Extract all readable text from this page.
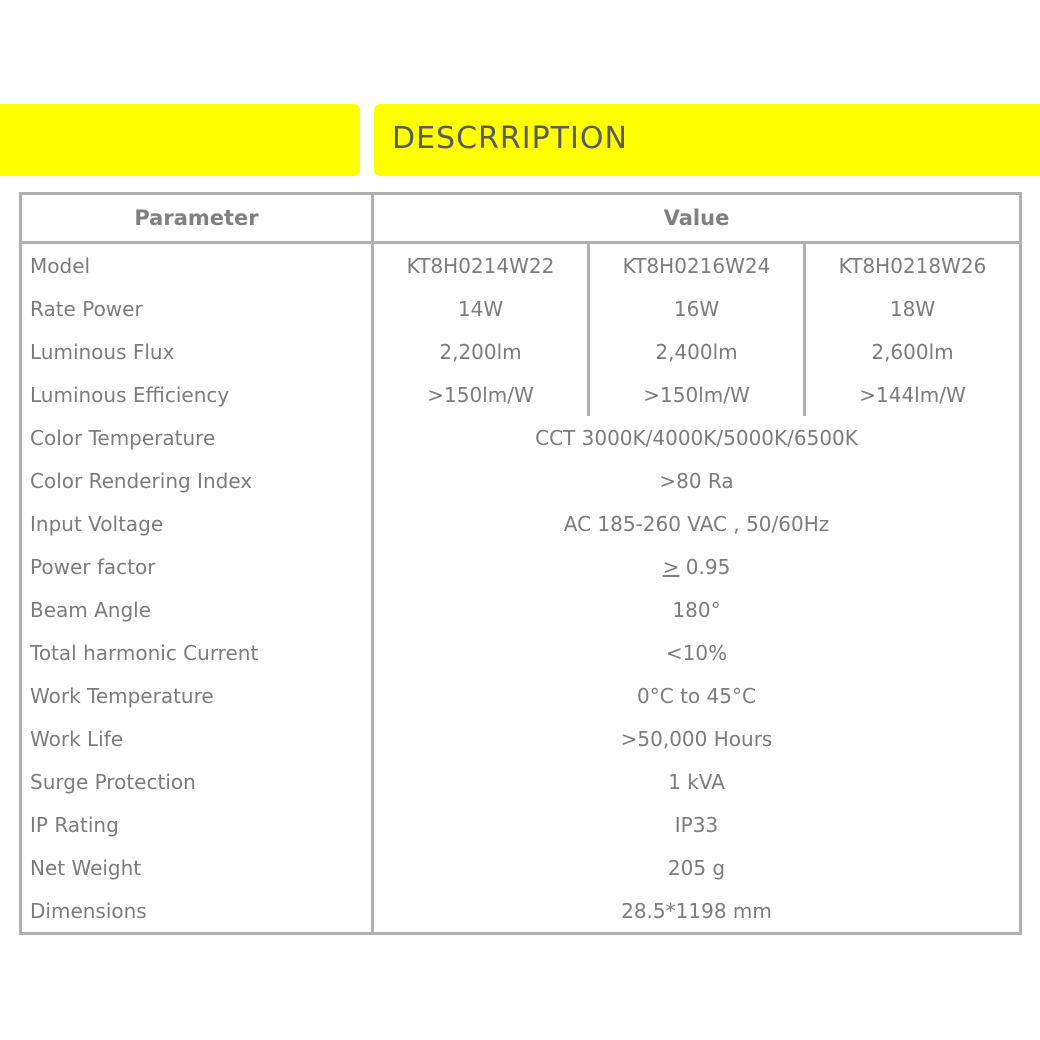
DESCRRIPTION
Parameter	Value		
Model	KT8H0214W22	KT8H0216W24	KT8H0218W26
Rate Power	14W	16W	18W
Luminous Flux	2,200lm	2,400lm	2,600lm
Luminous Efficiency	>150lm/W	>150lm/W	>144lm/W
Color Temperature	CCT 3000K/4000K/5000K/6500K		
Color Rendering Index	>80 Ra		
Input Voltage	AC 185-260 VAC , 50/60Hz		
Power factor	≥ 0.95		
Beam Angle	180°		
Total harmonic Current	<10%		
Work Temperature	0°C to 45°C		
Work Life	>50,000 Hours		
Surge Protection	1 kVA		
IP Rating	IP33		
Net Weight	205 g		
Dimensions	28.5*1198 mm		
